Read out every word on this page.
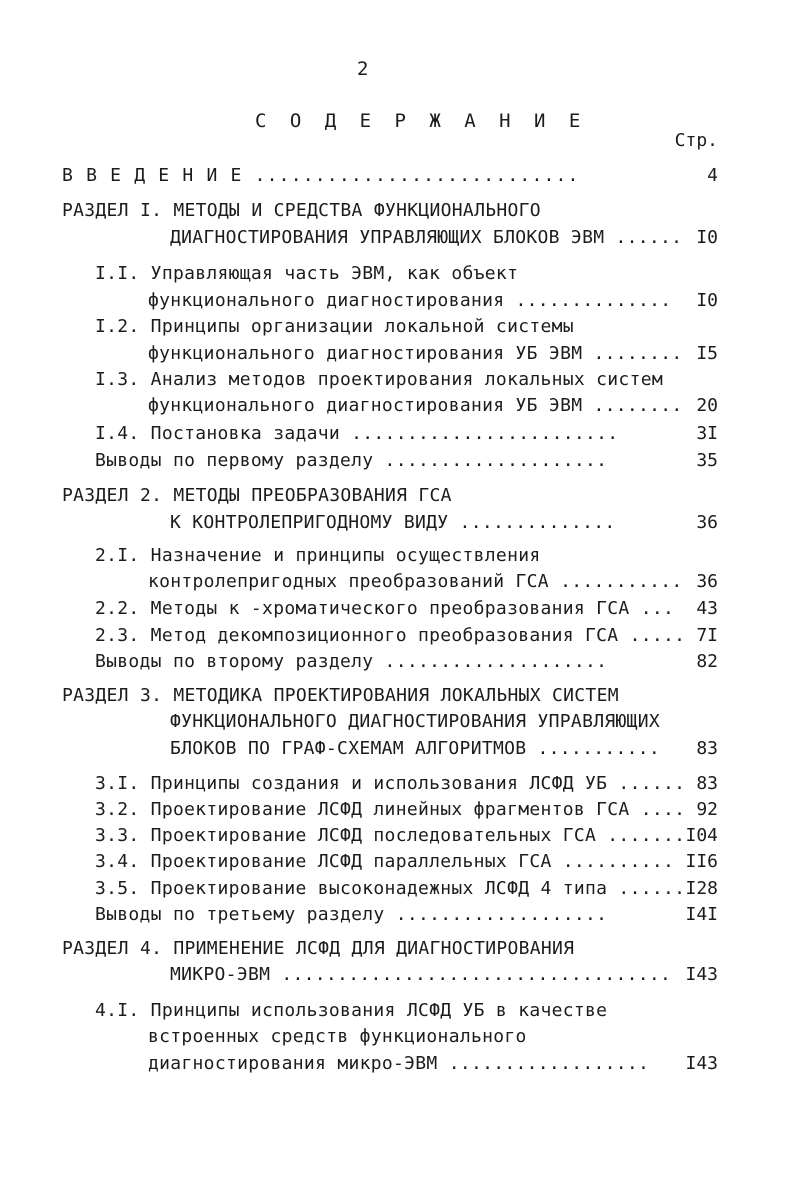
2
С О Д Е Р Ж А Н И Е
Стр.
В В Е Д Е Н И Е ...........................	4
РАЗДЕЛ I. МЕТОДЫ И СРЕДСТВА ФУНКЦИОНАЛЬНОГО
ДИАГНОСТИРОВАНИЯ УПРАВЛЯЮЩИХ БЛОКОВ ЭВМ ...... I0
I.I. Управляющая часть ЭВМ, как объект
функционального диагностирования .............. I0
I.2. Принципы организации локальной системы
функционального диагностирования УБ ЭВМ ........ I5
I.3. Анализ методов проектирования локальных систем
функционального диагностирования УБ ЭВМ ........ 20
I.4. Постановка задачи ........................	3I
Выводы по первому разделу ....................	35
РАЗДЕЛ 2. МЕТОДЫ ПРЕОБРАЗОВАНИЯ ГСА
К КОНТРОЛЕПРИГОДНОМУ ВИДУ ..............	36
2.I. Назначение и принципы осуществления
контролепригодных преобразований ГСА ........... 36
2.2. Методы к -хроматического преобразования ГСА ... 43
2.3. Метод декомпозиционного преобразования ГСА ..... 7I
Выводы по второму разделу ....................	82
РАЗДЕЛ 3. МЕТОДИКА ПРОЕКТИРОВАНИЯ ЛОКАЛЬНЫХ СИСТЕМ
ФУНКЦИОНАЛЬНОГО ДИАГНОСТИРОВАНИЯ УПРАВЛЯЮЩИХ
БЛОКОВ ПО ГРАФ-СХЕМАМ АЛГОРИТМОВ ........... 83
3.I. Принципы создания и использования ЛСФД УБ ...... 83
3.2. Проектирование ЛСФД линейных фрагментов ГСА .... 92
3.3. Проектирование ЛСФД последовательных ГСА ....... I04
3.4. Проектирование ЛСФД параллельных ГСА .......... II6
3.5. Проектирование высоконадежных ЛСФД 4 типа ...... I28
Выводы по третьему разделу ...................	I4I
РАЗДЕЛ 4. ПРИМЕНЕНИЕ ЛСФД ДЛЯ ДИАГНОСТИРОВАНИЯ
МИКРО-ЭВМ ................................... I43
4.I. Принципы использования ЛСФД УБ в качестве
встроенных средств функционального
диагностирования микро-ЭВМ .................. I43
